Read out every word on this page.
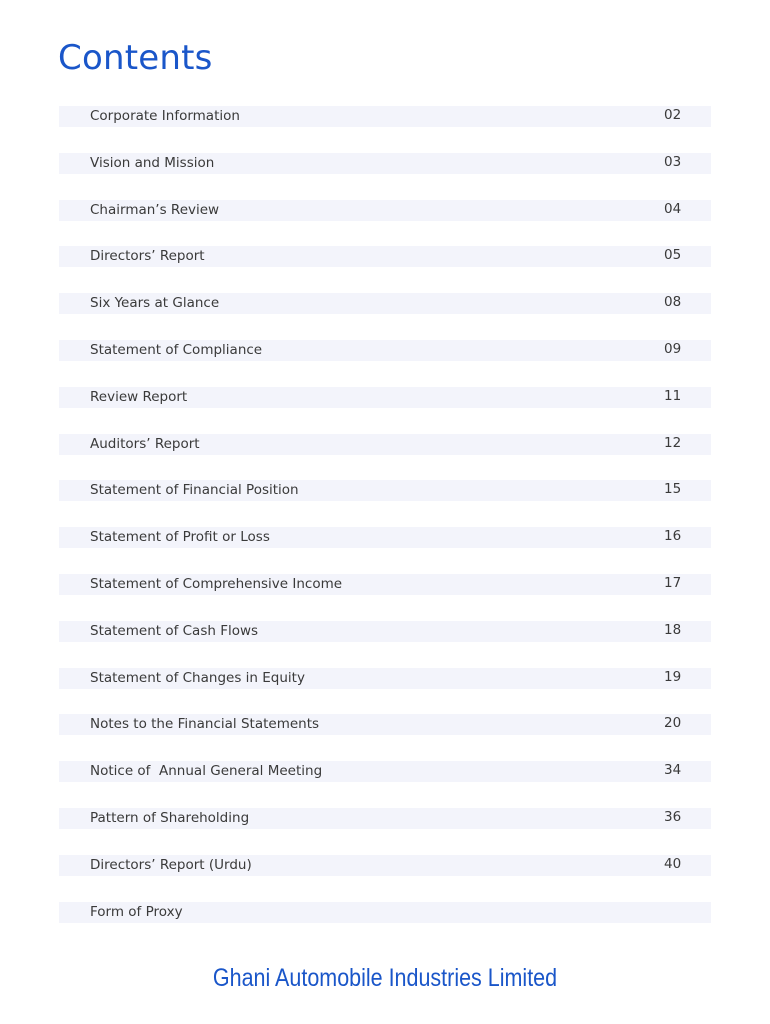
Contents
Corporate Information	02
Vision and Mission	03
Chairman’s Review	04
Directors’ Report	05
Six Years at Glance	08
Statement of Compliance	09
Review Report	11
Auditors’ Report	12
Statement of Financial Position	15
Statement of Profit or Loss	16
Statement of Comprehensive Income	17
Statement of Cash Flows	18
Statement of Changes in Equity	19
Notes to the Financial Statements	20
Notice of  Annual General Meeting	34
Pattern of Shareholding	36
Directors’ Report (Urdu)	40
Form of Proxy
Ghani Automobile Industries Limited
